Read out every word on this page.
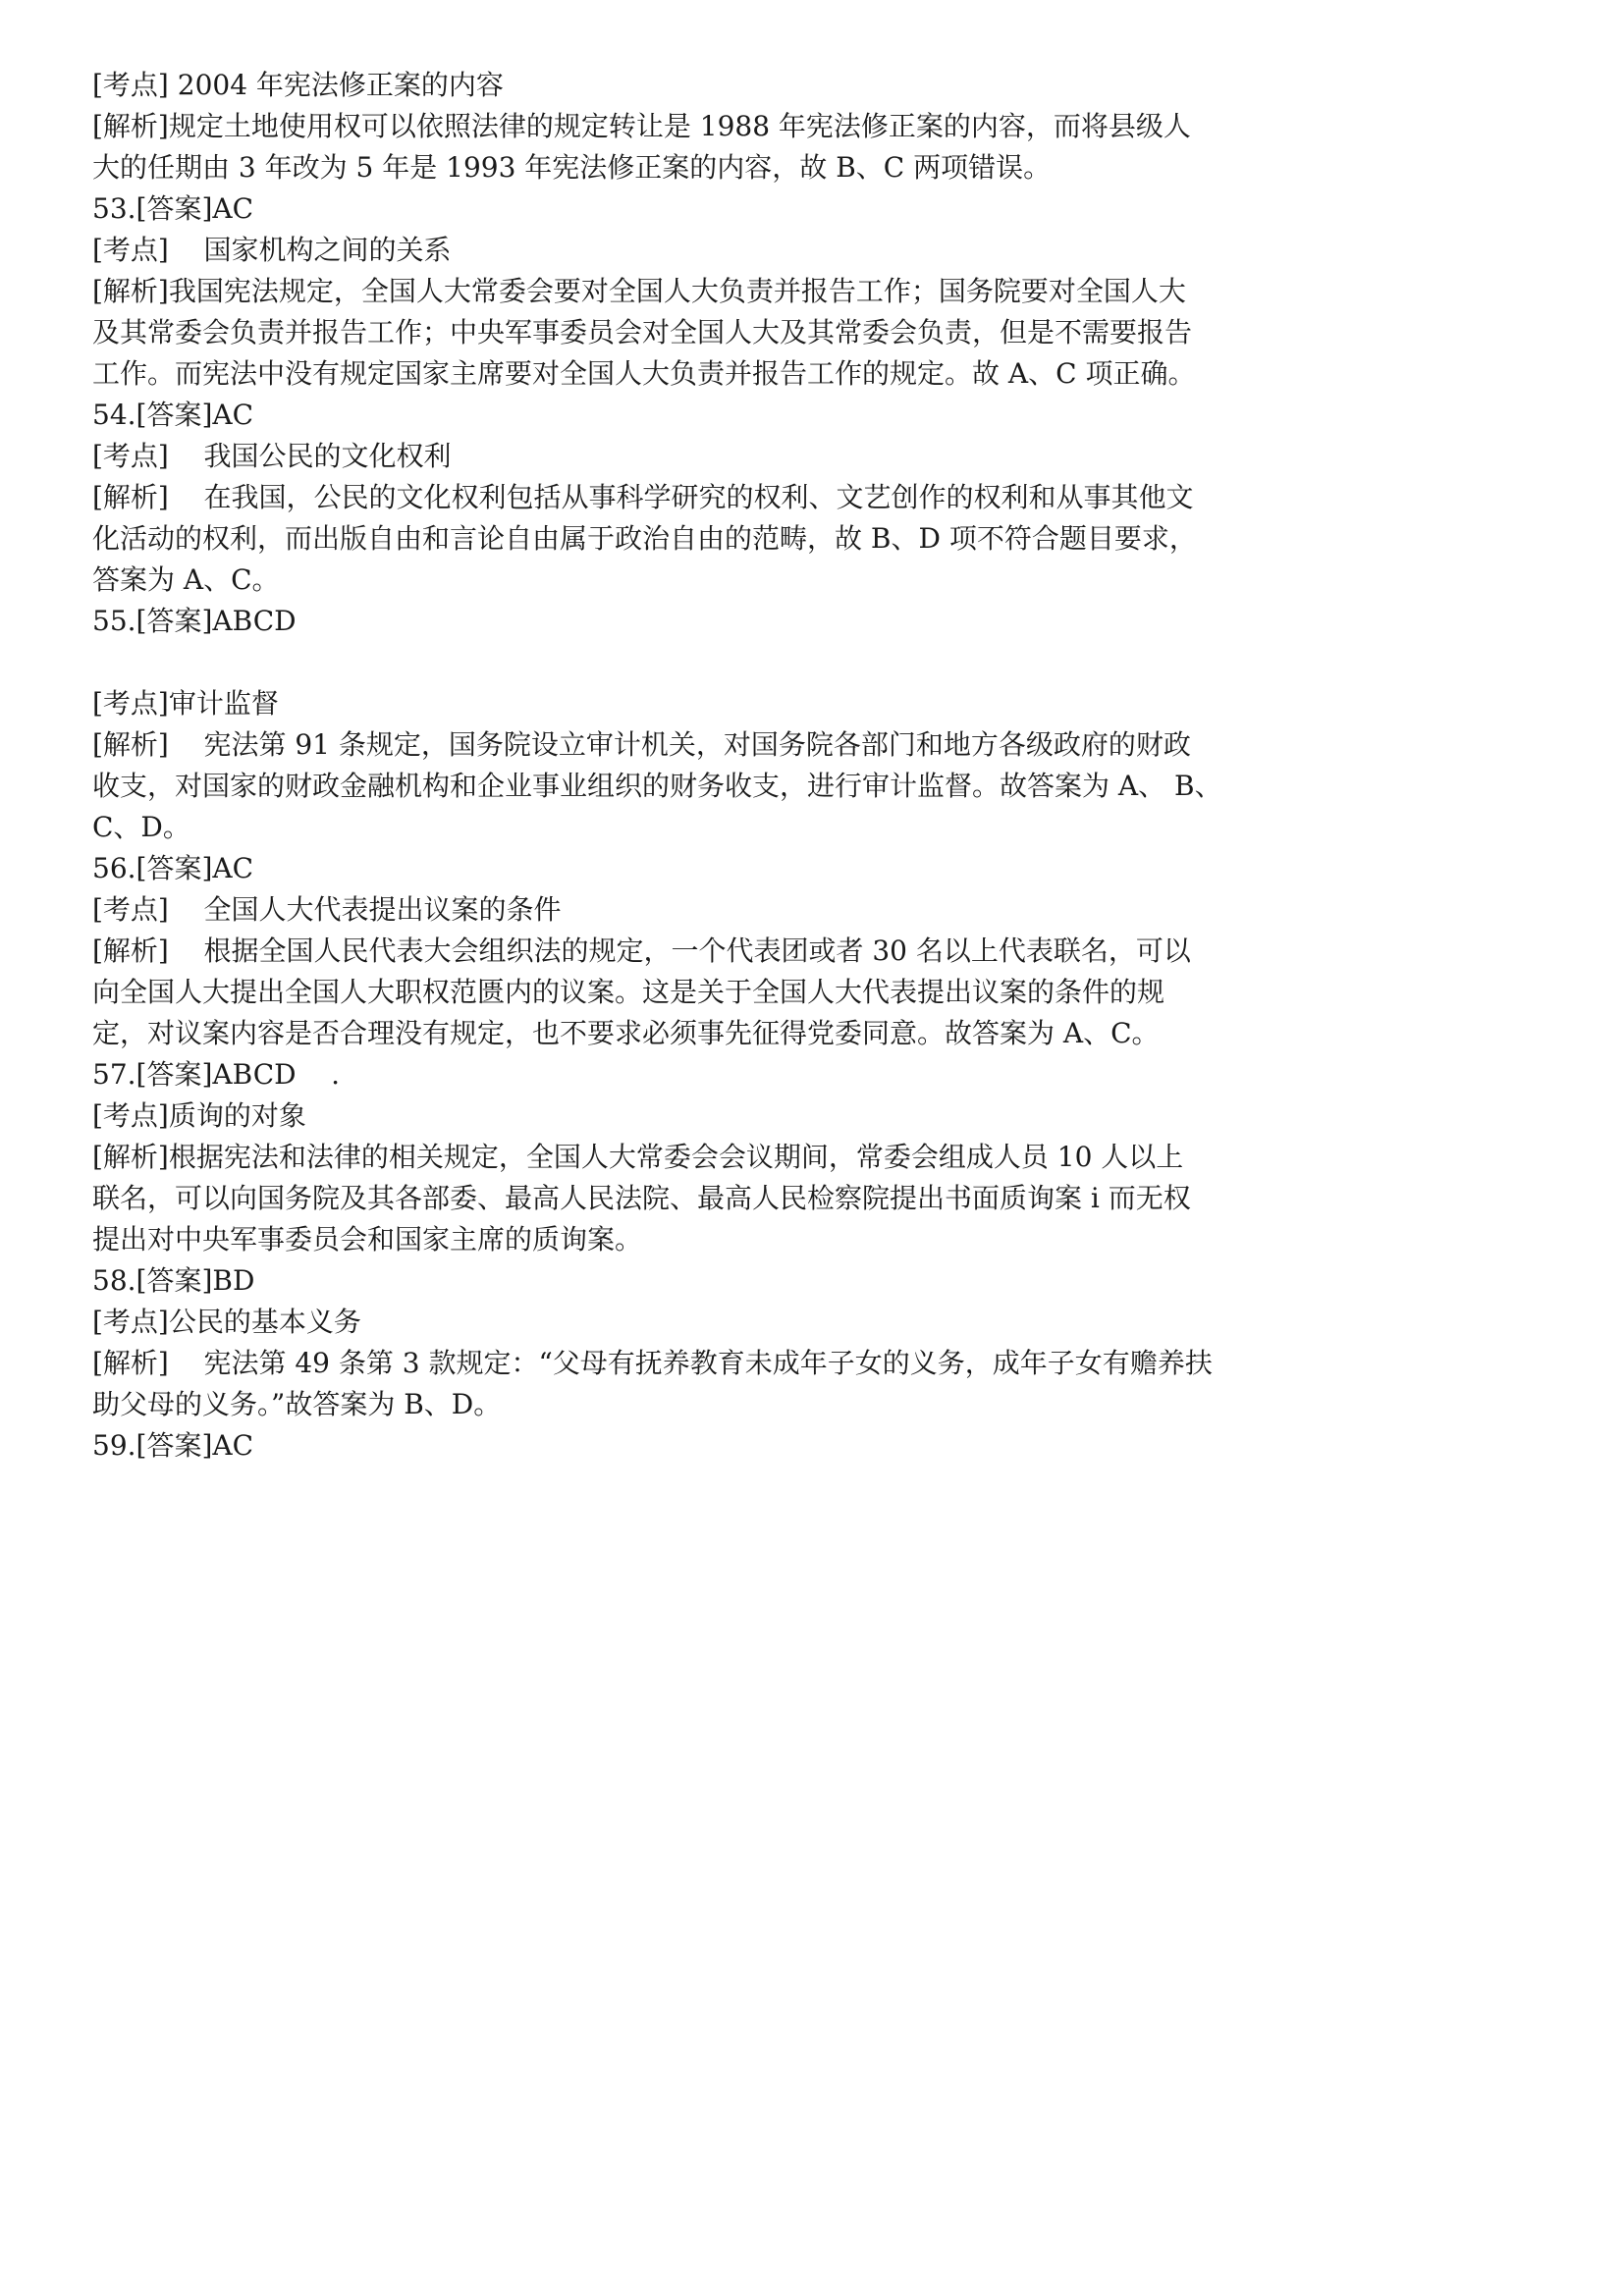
[考点] 2004 年宪法修正案的内容
[解析]规定土地使用权可以依照法律的规定转让是 1988 年宪法修正案的内容，而将县级人
大的任期由 3 年改为 5 年是 1993 年宪法修正案的内容，故 B、C 两项错误。
53.[答案]AC
[考点]    国家机构之间的关系
[解析]我国宪法规定，全国人大常委会要对全国人大负责并报告工作；国务院要对全国人大
及其常委会负责并报告工作；中央军事委员会对全国人大及其常委会负责，但是不需要报告
工作。而宪法中没有规定国家主席要对全国人大负责并报告工作的规定。故 A、C 项正确。
54.[答案]AC
[考点]    我国公民的文化权利
[解析]    在我国，公民的文化权利包括从事科学研究的权利、文艺创作的权利和从事其他文
化活动的权利，而出版自由和言论自由属于政治自由的范畴，故 B、D 项不符合题目要求，
答案为 A、C。
55.[答案]ABCD
[考点]审计监督
[解析]    宪法第 91 条规定，国务院设立审计机关，对国务院各部门和地方各级政府的财政
收支，对国家的财政金融机构和企业事业组织的财务收支，进行审计监督。故答案为 A、 B、
C、D。
56.[答案]AC
[考点]    全国人大代表提出议案的条件
[解析]    根据全国人民代表大会组织法的规定，一个代表团或者 30 名以上代表联名，可以
向全国人大提出全国人大职权范匮内的议案。这是关于全国人大代表提出议案的条件的规
定，对议案内容是否合理没有规定，也不要求必须事先征得党委同意。故答案为 A、C。
57.[答案]ABCD    .
[考点]质询的对象
[解析]根据宪法和法律的相关规定，全国人大常委会会议期间，常委会组成人员 10 人以上
联名，可以向国务院及其各部委、最高人民法院、最高人民检察院提出书面质询案 i 而无权
提出对中央军事委员会和国家主席的质询案。
58.[答案]BD
[考点]公民的基本义务
[解析]    宪法第 49 条第 3 款规定：“父母有抚养教育未成年子女的义务，成年子女有赡养扶
助父母的义务。”故答案为 B、D。
59.[答案]AC
